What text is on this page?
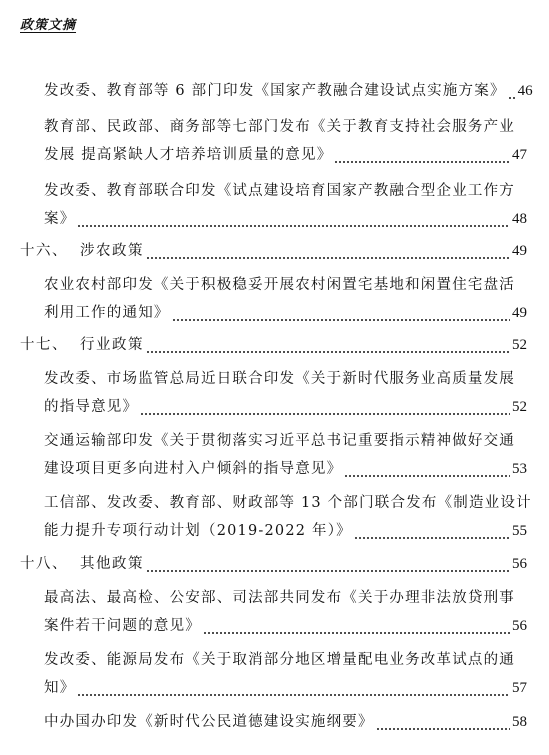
政策文摘
发改委、教育部等 6 部门印发《国家产教融合建设试点实施方案》 46
教育部、民政部、商务部等七部门发布《关于教育支持社会服务产业
发展 提高紧缺人才培养培训质量的意见》	47
发改委、教育部联合印发《试点建设培育国家产教融合型企业工作方
案》	48
十六、 涉农政策	49
农业农村部印发《关于积极稳妥开展农村闲置宅基地和闲置住宅盘活
利用工作的通知》	49
十七、 行业政策	52
发改委、市场监管总局近日联合印发《关于新时代服务业高质量发展
的指导意见》	52
交通运输部印发《关于贯彻落实习近平总书记重要指示精神做好交通
建设项目更多向进村入户倾斜的指导意见》	53
工信部、发改委、教育部、财政部等 13 个部门联合发布《制造业设计
能力提升专项行动计划（2019-2022 年）》	55
十八、 其他政策	56
最高法、最高检、公安部、司法部共同发布《关于办理非法放贷刑事
案件若干问题的意见》	56
发改委、能源局发布《关于取消部分地区增量配电业务改革试点的通
知》	57
中办国办印发《新时代公民道德建设实施纲要》	58
